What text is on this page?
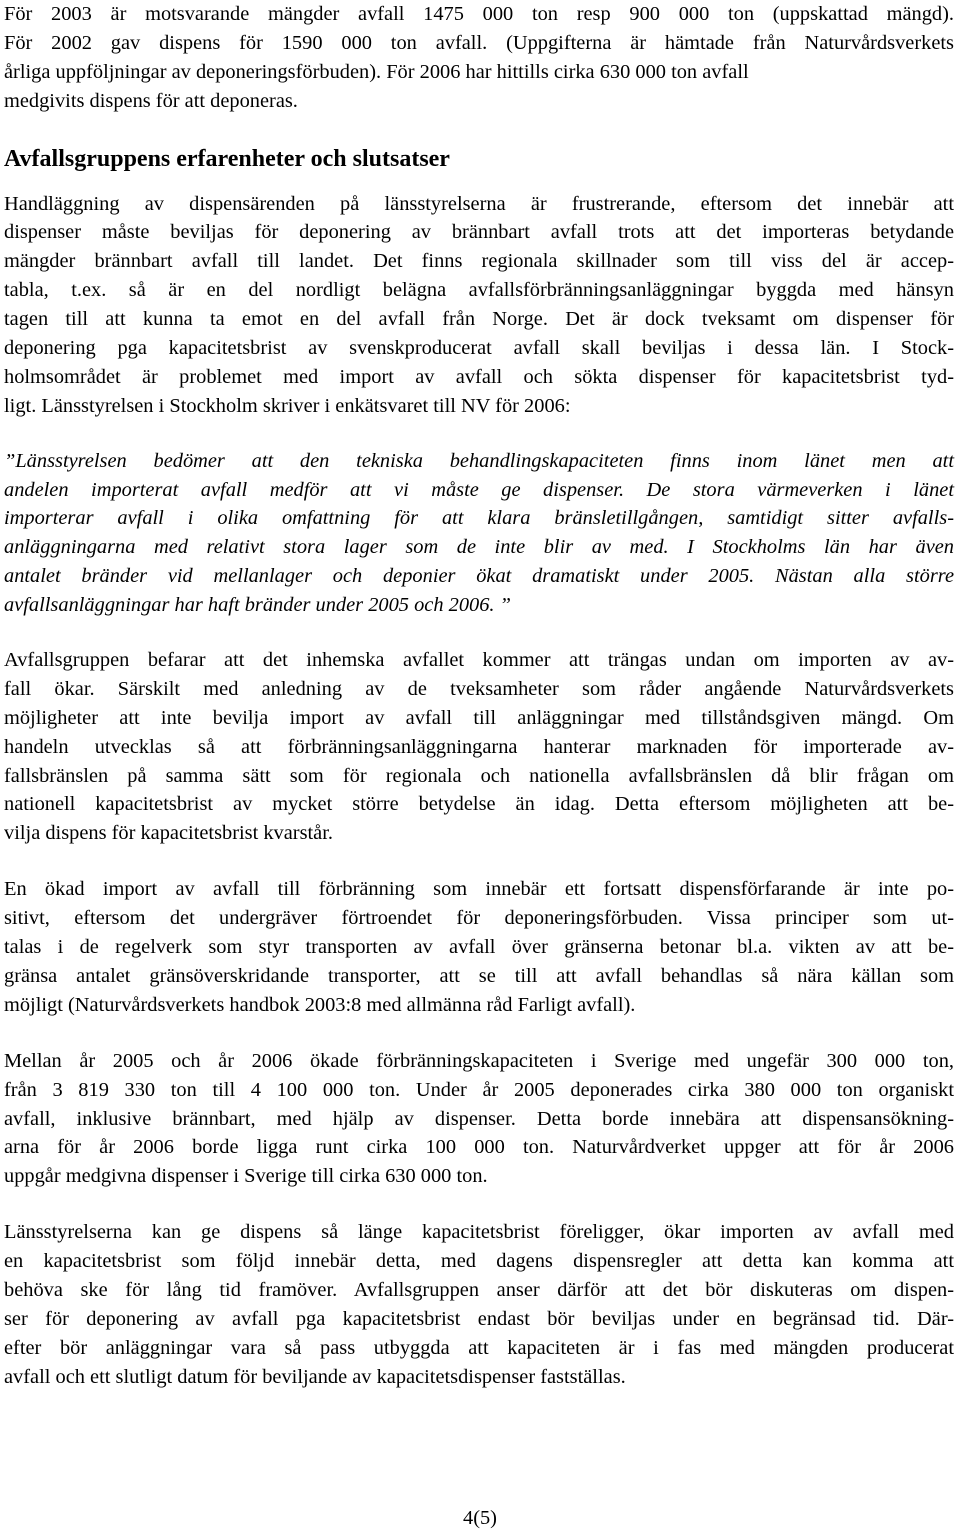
För 2003 är motsvarande mängder avfall 1475 000 ton resp 900 000 ton (uppskattad mängd).
För 2002 gav dispens för 1590 000 ton avfall. (Uppgifterna är hämtade från Naturvårdsverkets
årliga uppföljningar av deponeringsförbuden). För 2006 har hittills cirka 630 000 ton avfall
medgivits dispens för att deponeras.
Avfallsgruppens erfarenheter och slutsatser
Handläggning av dispensärenden på länsstyrelserna är frustrerande, eftersom det innebär att
dispenser måste beviljas för deponering av brännbart avfall trots att det importeras betydande
mängder brännbart avfall till landet. Det finns regionala skillnader som till viss del är accep-
tabla, t.ex. så är en del nordligt belägna avfallsförbränningsanläggningar byggda med hänsyn
tagen till att kunna ta emot en del avfall från Norge. Det är dock tveksamt om dispenser för
deponering pga kapacitetsbrist av svenskproducerat avfall skall beviljas i dessa län. I Stock-
holmsområdet är problemet med import av avfall och sökta dispenser för kapacitetsbrist tyd-
ligt. Länsstyrelsen i Stockholm skriver i enkätsvaret till NV för 2006:
”Länsstyrelsen bedömer att den tekniska behandlingskapaciteten finns inom länet men att
andelen importerat avfall medför att vi måste ge dispenser. De stora värmeverken i länet
importerar avfall i olika omfattning för att klara bränsletillgången, samtidigt sitter avfalls-
anläggningarna med relativt stora lager som de inte blir av med. I Stockholms län har även
antalet bränder vid mellanlager och deponier ökat dramatiskt under 2005. Nästan alla större
avfallsanläggningar har haft bränder under 2005 och 2006. ”
Avfallsgruppen befarar att det inhemska avfallet kommer att trängas undan om importen av av-
fall ökar. Särskilt med anledning av de tveksamheter som råder angående Naturvårdsverkets
möjligheter att inte bevilja import av avfall till anläggningar med tillståndsgiven mängd. Om
handeln utvecklas så att förbränningsanläggningarna hanterar marknaden för importerade av-
fallsbränslen på samma sätt som för regionala och nationella avfallsbränslen då blir frågan om
nationell kapacitetsbrist av mycket större betydelse än idag. Detta eftersom möjligheten att be-
vilja dispens för kapacitetsbrist kvarstår.
En ökad import av avfall till förbränning som innebär ett fortsatt dispensförfarande är inte po-
sitivt, eftersom det undergräver förtroendet för deponeringsförbuden. Vissa principer som ut-
talas i de regelverk som styr transporten av avfall över gränserna betonar bl.a. vikten av att be-
gränsa antalet gränsöverskridande transporter, att se till att avfall behandlas så nära källan som
möjligt (Naturvårdsverkets handbok 2003:8 med allmänna råd Farligt avfall).
Mellan år 2005 och år 2006 ökade förbränningskapaciteten i Sverige med ungefär 300 000 ton,
från 3 819 330 ton till 4 100 000 ton. Under år 2005 deponerades cirka 380 000 ton organiskt
avfall, inklusive brännbart, med hjälp av dispenser. Detta borde innebära att dispensansökning-
arna för år 2006 borde ligga runt cirka 100 000 ton. Naturvårdverket uppger att för år 2006
uppgår medgivna dispenser i Sverige till cirka 630 000 ton.
Länsstyrelserna kan ge dispens så länge kapacitetsbrist föreligger, ökar importen av avfall med
en kapacitetsbrist som följd innebär detta, med dagens dispensregler att detta kan komma att
behöva ske för lång tid framöver. Avfallsgruppen anser därför att det bör diskuteras om dispen-
ser för deponering av avfall pga kapacitetsbrist endast bör beviljas under en begränsad tid. Där-
efter bör anläggningar vara så pass utbyggda att kapaciteten är i fas med mängden producerat
avfall och ett slutligt datum för beviljande av kapacitetsdispenser fastställas.
4(5)
